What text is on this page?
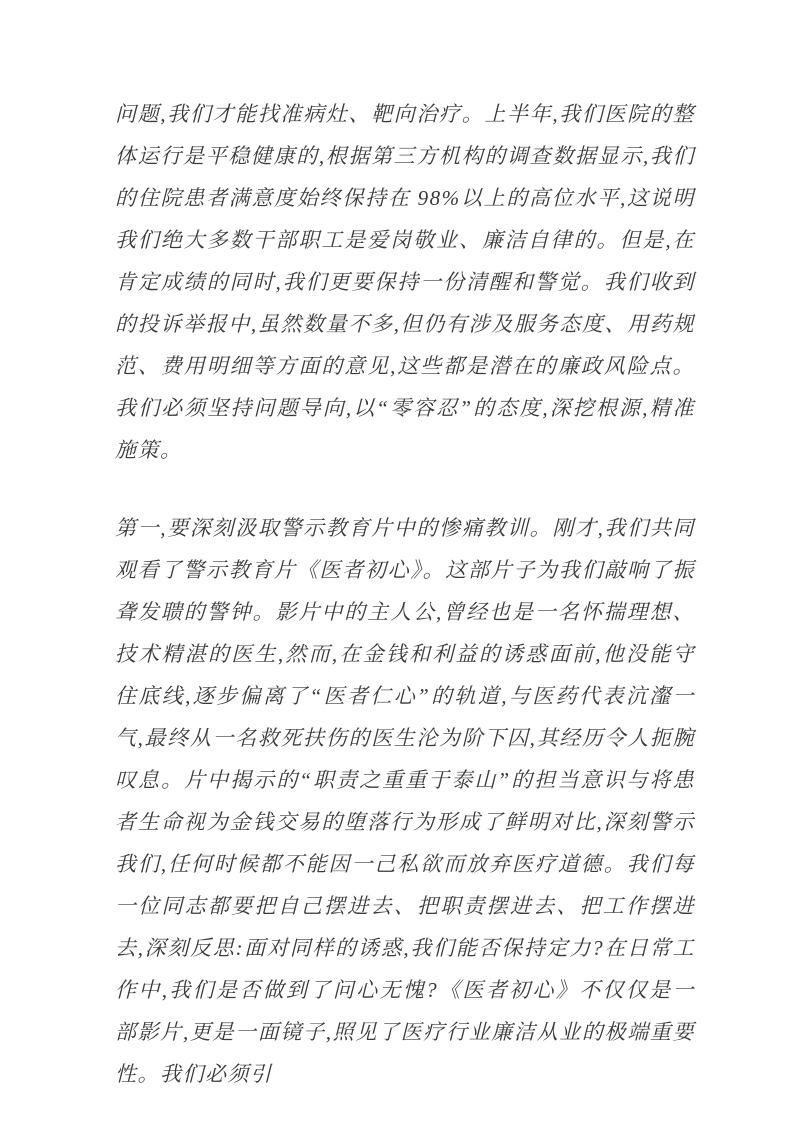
问题,我们才能找准病灶、靶向治疗。上半年,我们医院的整体运行是平稳健康的,根据第三方机构的调查数据显示,我们的住院患者满意度始终保持在 98%以上的高位水平,这说明我们绝大多数干部职工是爱岗敬业、廉洁自律的。但是,在肯定成绩的同时,我们更要保持一份清醒和警觉。我们收到的投诉举报中,虽然数量不多,但仍有涉及服务态度、用药规范、费用明细等方面的意见,这些都是潜在的廉政风险点。我们必须坚持问题导向,以“零容忍”的态度,深挖根源,精准施策。

第一,要深刻汲取警示教育片中的惨痛教训。刚才,我们共同观看了警示教育片《医者初心》。这部片子为我们敲响了振聋发聩的警钟。影片中的主人公,曾经也是一名怀揣理想、技术精湛的医生,然而,在金钱和利益的诱惑面前,他没能守住底线,逐步偏离了“医者仁心”的轨道,与医药代表沆瀣一气,最终从一名救死扶伤的医生沦为阶下囚,其经历令人扼腕叹息。片中揭示的“职责之重重于泰山”的担当意识与将患者生命视为金钱交易的堕落行为形成了鲜明对比,深刻警示我们,任何时候都不能因一己私欲而放弃医疗道德。我们每一位同志都要把自己摆进去、把职责摆进去、把工作摆进去,深刻反思:面对同样的诱惑,我们能否保持定力?在日常工作中,我们是否做到了问心无愧?《医者初心》不仅仅是一部影片,更是一面镜子,照见了医疗行业廉洁从业的极端重要性。我们必须引
